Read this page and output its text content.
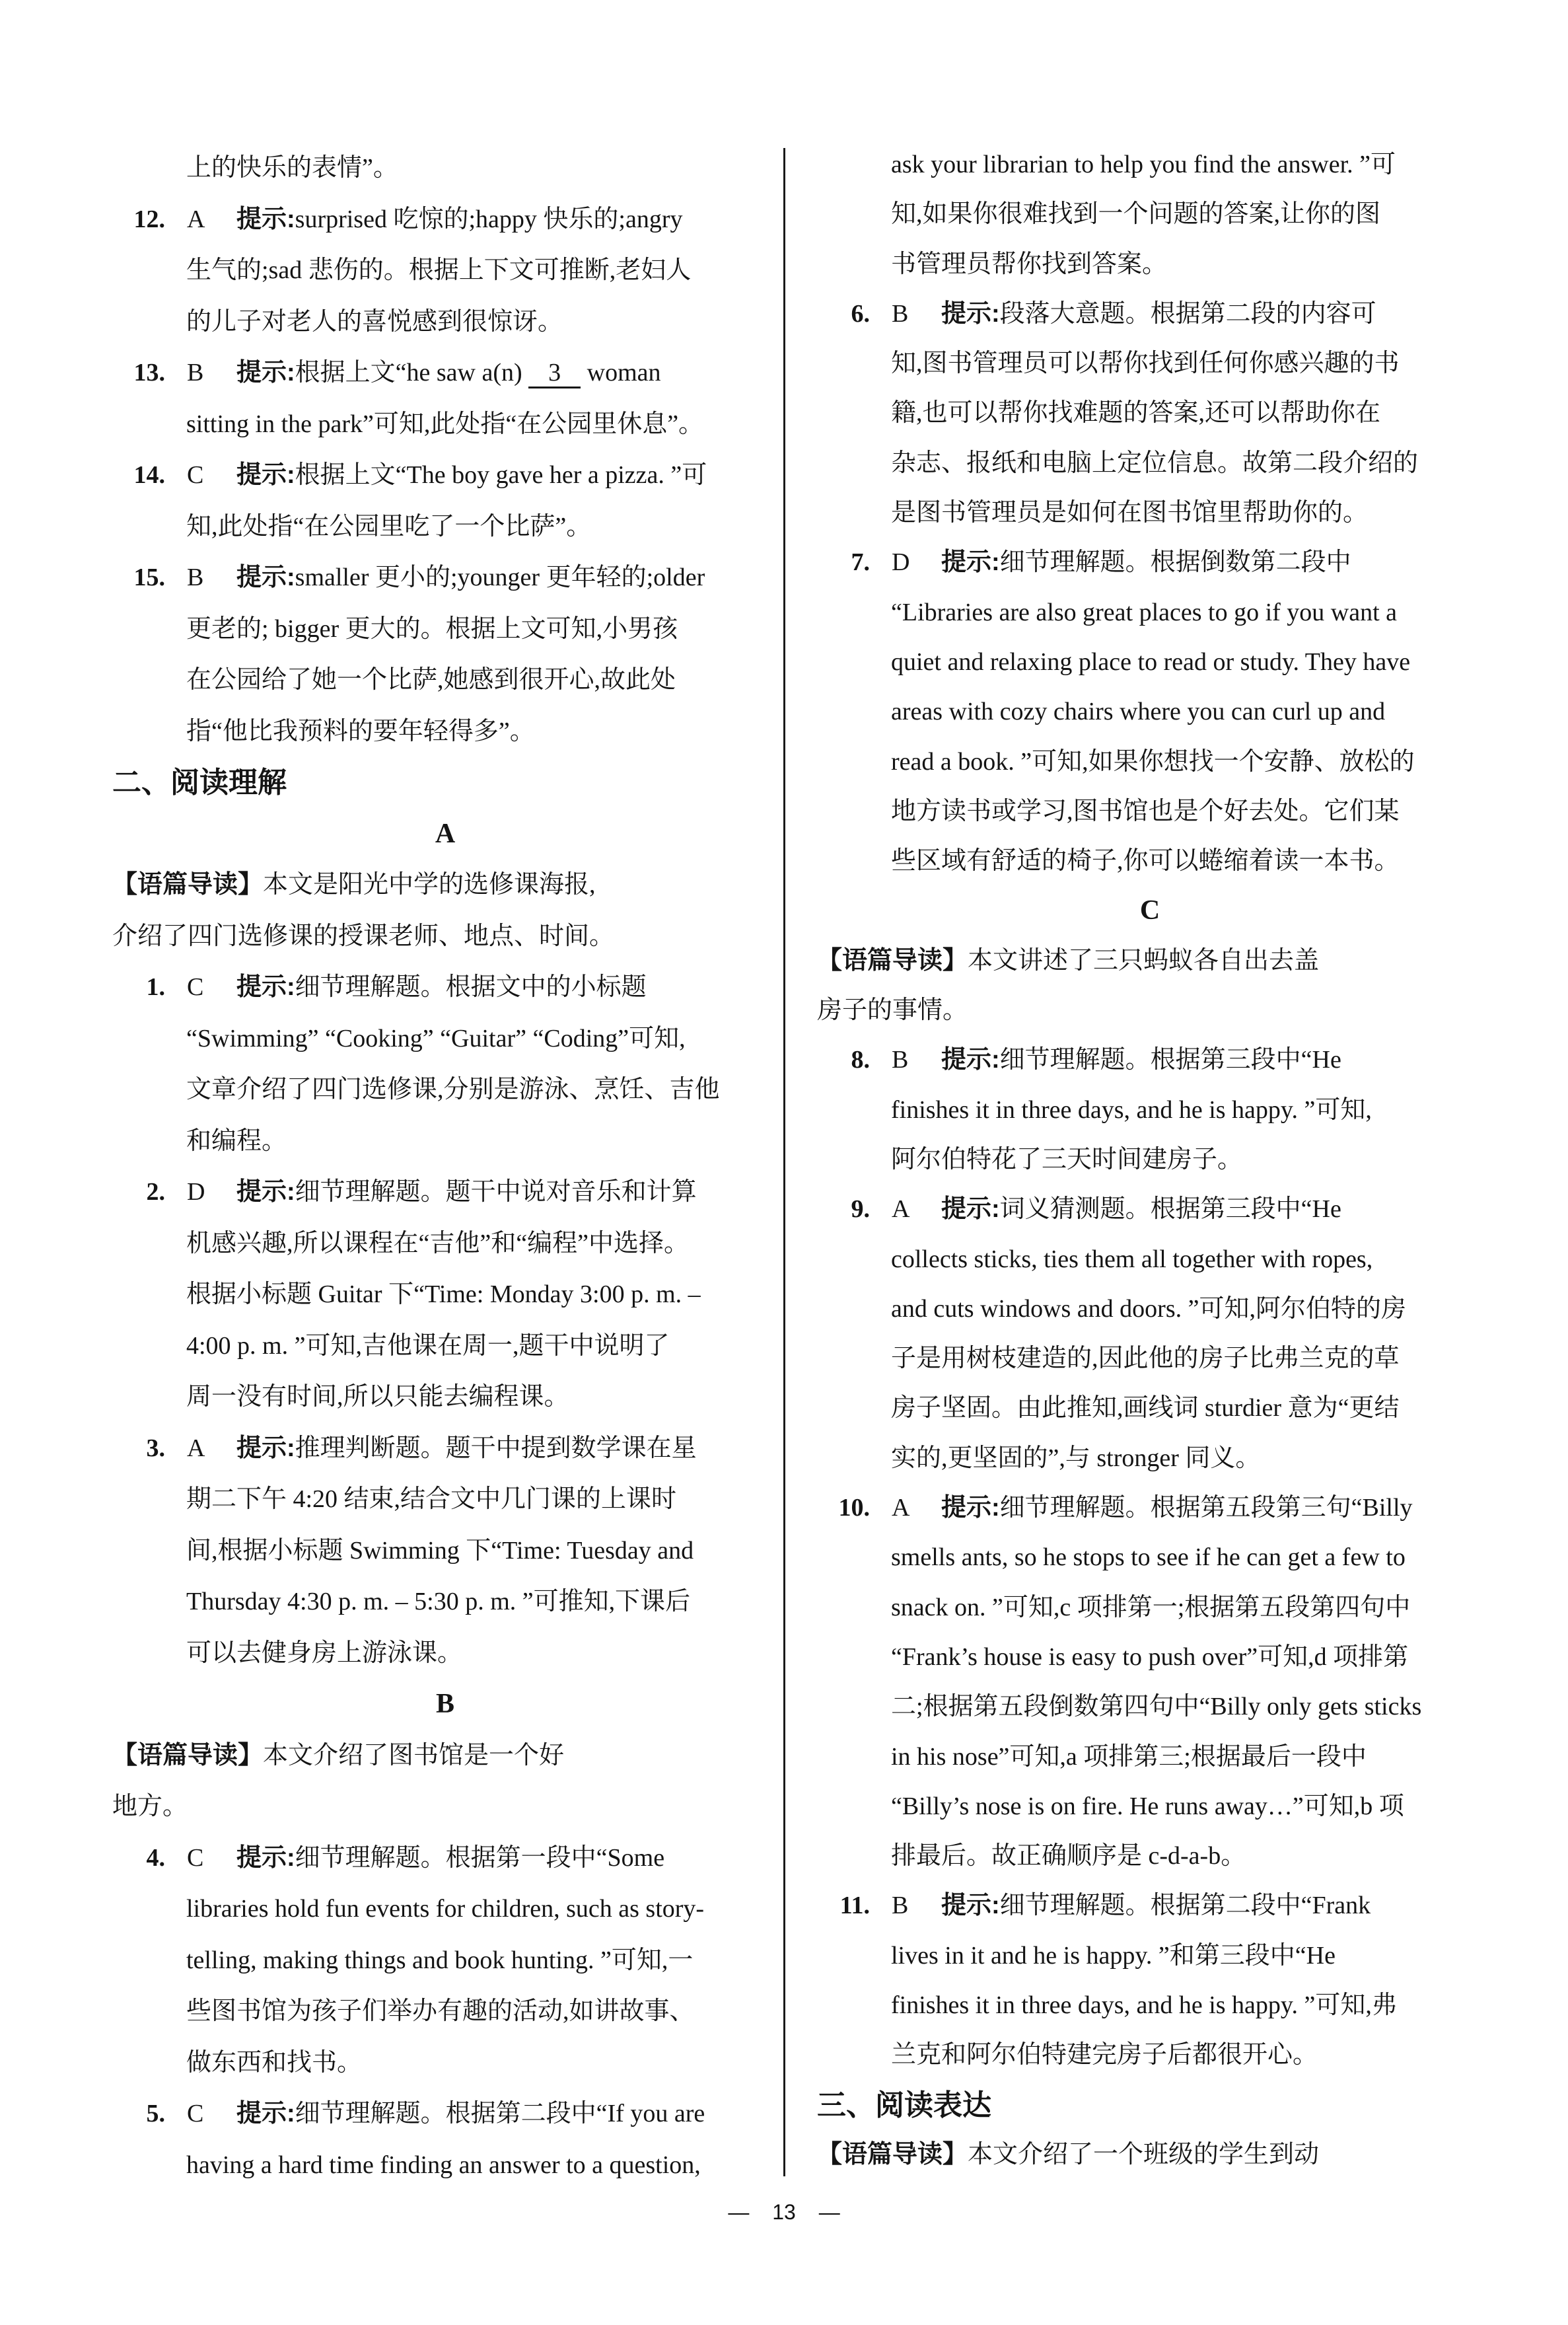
上的快乐的表情”。
12. A 提示:surprised 吃惊的;happy 快乐的;angry
生气的;sad 悲伤的。根据上下文可推断,老妇人
的儿子对老人的喜悦感到很惊讶。
13. B 提示:根据上文“he saw a(n) 3 woman
sitting in the park”可知,此处指“在公园里休息”。
14. C 提示:根据上文“The boy gave her a pizza. ”可
知,此处指“在公园里吃了一个比萨”。
15. B 提示:smaller 更小的;younger 更年轻的;older
更老的; bigger 更大的。根据上文可知,小男孩
在公园给了她一个比萨,她感到很开心,故此处
指“他比我预料的要年轻得多”。
二、阅读理解
A
【语篇导读】本文是阳光中学的选修课海报,
介绍了四门选修课的授课老师、地点、时间。
1. C 提示:细节理解题。根据文中的小标题
“Swimming” “Cooking” “Guitar” “Coding”可知,
文章介绍了四门选修课,分别是游泳、烹饪、吉他
和编程。
2. D 提示:细节理解题。题干中说对音乐和计算
机感兴趣,所以课程在“吉他”和“编程”中选择。
根据小标题 Guitar 下“Time: Monday 3:00 p. m. –
4:00 p. m. ”可知,吉他课在周一,题干中说明了
周一没有时间,所以只能去编程课。
3. A 提示:推理判断题。题干中提到数学课在星
期二下午 4:20 结束,结合文中几门课的上课时
间,根据小标题 Swimming 下“Time: Tuesday and
Thursday 4:30 p. m. – 5:30 p. m. ”可推知,下课后
可以去健身房上游泳课。
B
【语篇导读】本文介绍了图书馆是一个好
地方。
4. C 提示:细节理解题。根据第一段中“Some
libraries hold fun events for children, such as story-
telling, making things and book hunting. ”可知,一
些图书馆为孩子们举办有趣的活动,如讲故事、
做东西和找书。
5. C 提示:细节理解题。根据第二段中“If you are
having a hard time finding an answer to a question,
ask your librarian to help you find the answer. ”可
知,如果你很难找到一个问题的答案,让你的图
书管理员帮你找到答案。
6. B 提示:段落大意题。根据第二段的内容可
知,图书管理员可以帮你找到任何你感兴趣的书
籍,也可以帮你找难题的答案,还可以帮助你在
杂志、报纸和电脑上定位信息。故第二段介绍的
是图书管理员是如何在图书馆里帮助你的。
7. D 提示:细节理解题。根据倒数第二段中
“Libraries are also great places to go if you want a
quiet and relaxing place to read or study. They have
areas with cozy chairs where you can curl up and
read a book. ”可知,如果你想找一个安静、放松的
地方读书或学习,图书馆也是个好去处。它们某
些区域有舒适的椅子,你可以蜷缩着读一本书。
C
【语篇导读】本文讲述了三只蚂蚁各自出去盖
房子的事情。
8. B 提示:细节理解题。根据第三段中“He
finishes it in three days, and he is happy. ”可知,
阿尔伯特花了三天时间建房子。
9. A 提示:词义猜测题。根据第三段中“He
collects sticks, ties them all together with ropes,
and cuts windows and doors. ”可知,阿尔伯特的房
子是用树枝建造的,因此他的房子比弗兰克的草
房子坚固。由此推知,画线词 sturdier 意为“更结
实的,更坚固的”,与 stronger 同义。
10. A 提示:细节理解题。根据第五段第三句“Billy
smells ants, so he stops to see if he can get a few to
snack on. ”可知,c 项排第一;根据第五段第四句中
“Frank’s house is easy to push over”可知,d 项排第
二;根据第五段倒数第四句中“Billy only gets sticks
in his nose”可知,a 项排第三;根据最后一段中
“Billy’s nose is on fire. He runs away…”可知,b 项
排最后。故正确顺序是 c-d-a-b。
11. B 提示:细节理解题。根据第二段中“Frank
lives in it and he is happy. ”和第三段中“He
finishes it in three days, and he is happy. ”可知,弗
兰克和阿尔伯特建完房子后都很开心。
三、阅读表达
【语篇导读】本文介绍了一个班级的学生到动
— 13 —
